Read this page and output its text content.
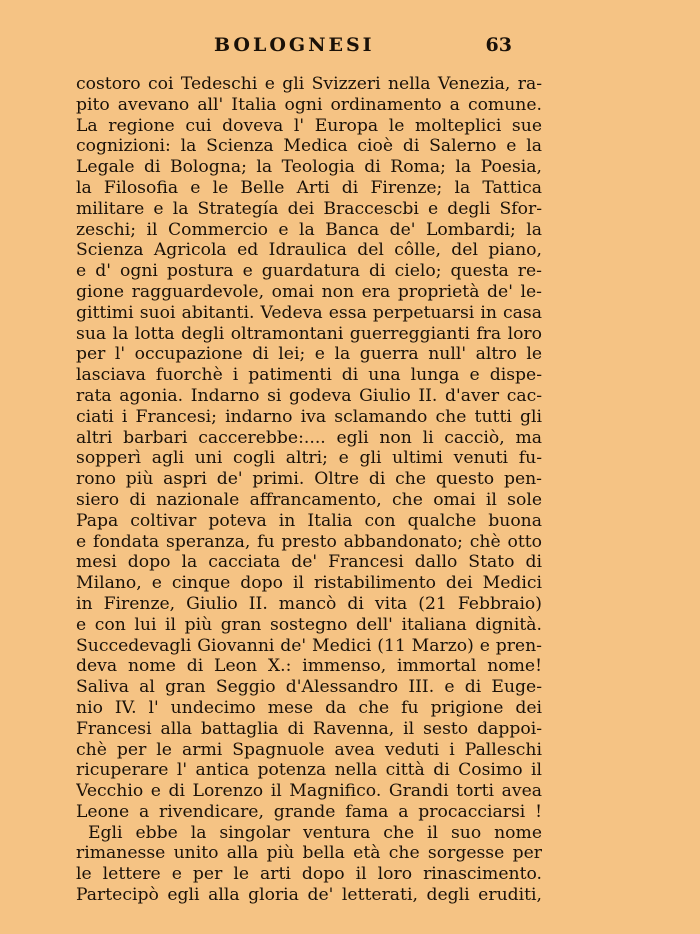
BOLOGNESI	63
costoro coi Tedeschi e gli Svizzeri nella Venezia, ra-
pito avevano all' Italia ogni ordinamento a comune.
La regione cui doveva l' Europa le molteplici sue
cognizioni: la Scienza Medica cioè di Salerno e la
Legale di Bologna; la Teologia di Roma; la Poesia,
la Filosofia e le Belle Arti di Firenze; la Tattica
militare e la Strategía dei Braccescbi e degli Sfor-
zeschi; il Commercio e la Banca de' Lombardi; la
Scienza Agricola ed Idraulica del côlle, del piano,
e d' ogni postura e guardatura di cielo; questa re-
gione ragguardevole, omai non era proprietà de' le-
gittimi suoi abitanti. Vedeva essa perpetuarsi in casa
sua la lotta degli oltramontani guerreggianti fra loro
per l' occupazione di lei; e la guerra null' altro le
lasciava fuorchè i patimenti di una lunga e dispe-
rata agonia. Indarno si godeva Giulio II. d'aver cac-
ciati i Francesi; indarno iva sclamando che tutti gli
altri barbari caccerebbe:.... egli non li cacciò, ma
sopperì agli uni cogli altri; e gli ultimi venuti fu-
rono più aspri de' primi. Oltre di che questo pen-
siero di nazionale affrancamento, che omai il sole
Papa coltivar poteva in Italia con qualche buona
e fondata speranza, fu presto abbandonato; chè otto
mesi dopo la cacciata de' Francesi dallo Stato di
Milano, e cinque dopo il ristabilimento dei Medici
in Firenze, Giulio II. mancò di vita (21 Febbraio)
e con lui il più gran sostegno dell' italiana dignità.
Succedevagli Giovanni de' Medici (11 Marzo) e pren-
deva nome di Leon X.: immenso, immortal nome!
Saliva al gran Seggio d'Alessandro III. e di Euge-
nio IV. l' undecimo mese da che fu prigione dei
Francesi alla battaglia di Ravenna, il sesto dappoi-
chè per le armi Spagnuole avea veduti i Palleschi
ricuperare l' antica potenza nella città di Cosimo il
Vecchio e di Lorenzo il Magnifico. Grandi torti avea
Leone a rivendicare, grande fama a procacciarsi !
Egli ebbe la singolar ventura che il suo nome
rimanesse unito alla più bella età che sorgesse per
le lettere e per le arti dopo il loro rinascimento.
Partecipò egli alla gloria de' letterati, degli eruditi,
